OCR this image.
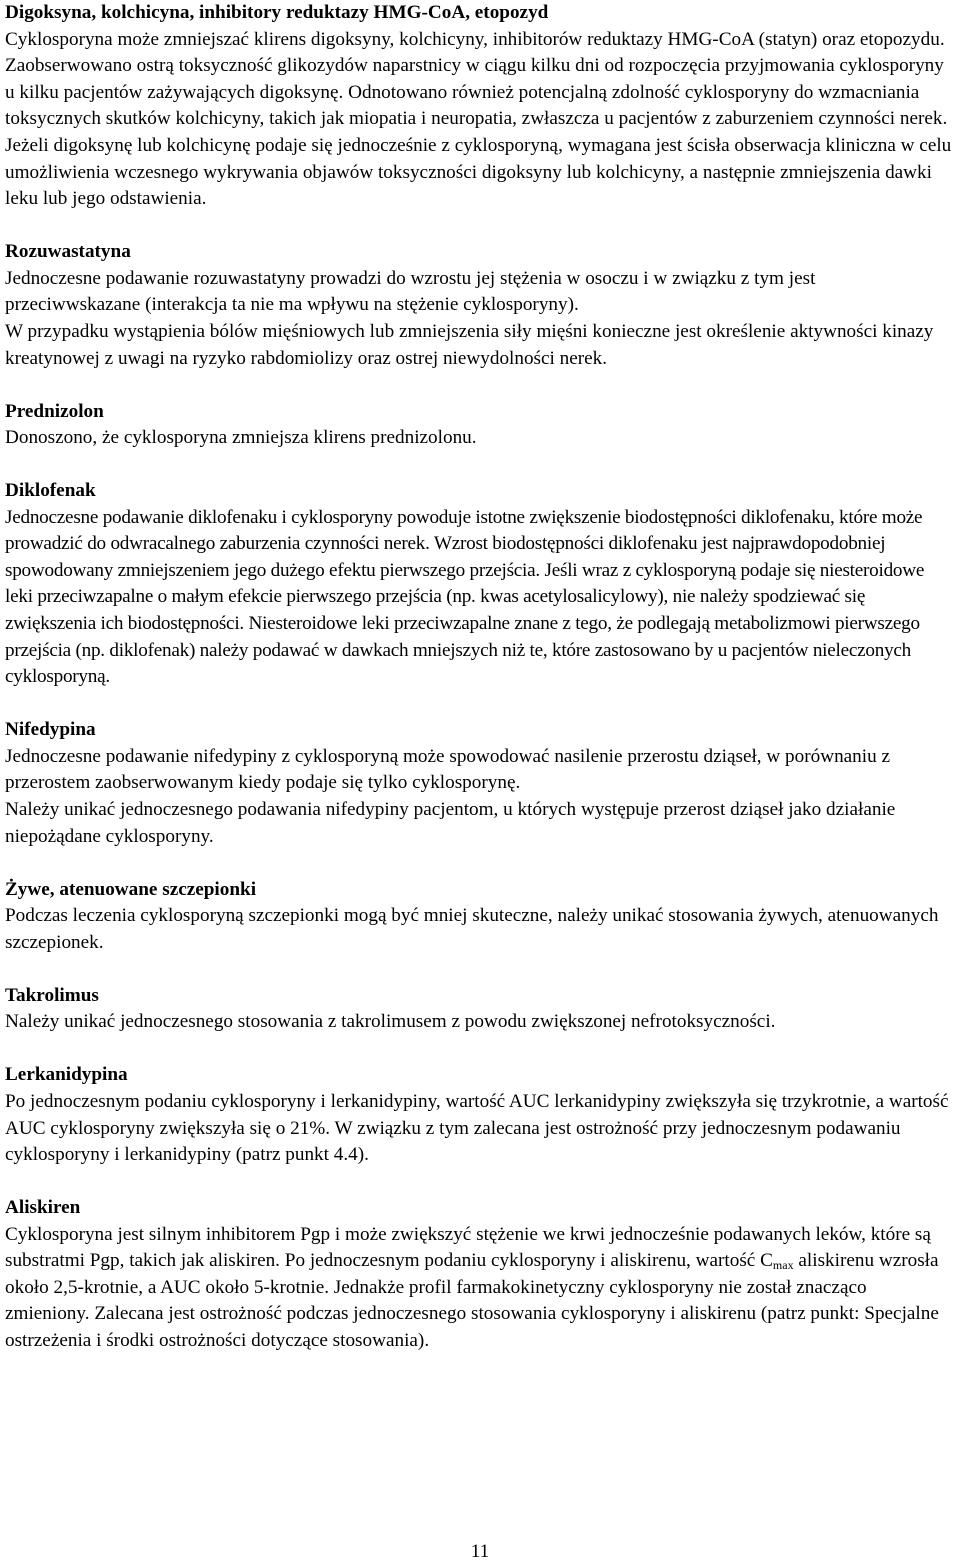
Digoksyna, kolchicyna, inhibitory reduktazy HMG-CoA, etopozyd
Cyklosporyna może zmniejszać klirens digoksyny, kolchicyny, inhibitorów reduktazy HMG-CoA (statyn) oraz etopozydu.
Zaobserwowano ostrą toksyczność glikozydów naparstnicy w ciągu kilku dni od rozpoczęcia przyjmowania cyklosporyny u kilku pacjentów zażywających digoksynę. Odnotowano również potencjalną zdolność cyklosporyny do wzmacniania toksycznych skutków kolchicyny, takich jak miopatia i neuropatia, zwłaszcza u pacjentów z zaburzeniem czynności nerek. Jeżeli digoksynę lub kolchicynę podaje się jednocześnie z cyklosporyną, wymagana jest ścisła obserwacja kliniczna w celu umożliwienia wczesnego wykrywania objawów toksyczności digoksyny lub kolchicyny, a następnie zmniejszenia dawki leku lub jego odstawienia.
Rozuwastatyna
Jednoczesne podawanie rozuwastatyny prowadzi do wzrostu jej stężenia w osoczu i w związku z tym jest przeciwwskazane (interakcja ta nie ma wpływu na stężenie cyklosporyny).
W przypadku wystąpienia bólów mięśniowych lub zmniejszenia siły mięśni konieczne jest określenie aktywności kinazy kreatynowej z uwagi na ryzyko rabdomiolizy oraz ostrej niewydolności nerek.
Prednizolon
Donoszono, że cyklosporyna zmniejsza klirens prednizolonu.
Diklofenak
Jednoczesne podawanie diklofenaku i cyklosporyny powoduje istotne zwiększenie biodostępności diklofenaku, które może prowadzić do odwracalnego zaburzenia czynności nerek. Wzrost biodostępności diklofenaku jest najprawdopodobniej spowodowany zmniejszeniem jego dużego efektu pierwszego przejścia. Jeśli wraz z cyklosporyną podaje się niesteroidowe leki przeciwzapalne o małym efekcie pierwszego przejścia (np. kwas acetylosalicylowy), nie należy spodziewać się zwiększenia ich biodostępności. Niesteroidowe leki przeciwzapalne znane z tego, że podlegają metabolizmowi pierwszego przejścia (np. diklofenak) należy podawać w dawkach mniejszych niż te, które zastosowano by u pacjentów nieleczonych cyklosporyną.
Nifedypina
Jednoczesne podawanie nifedypiny z cyklosporyną może spowodować nasilenie przerostu dziąseł, w porównaniu z przerostem zaobserwowanym kiedy podaje się tylko cyklosporynę.
Należy unikać jednoczesnego podawania nifedypiny pacjentom, u których występuje przerost dziąseł jako działanie niepożądane cyklosporyny.
Żywe, atenuowane szczepionki
Podczas leczenia cyklosporyną szczepionki mogą być mniej skuteczne, należy unikać stosowania żywych, atenuowanych szczepionek.
Takrolimus
Należy unikać jednoczesnego stosowania z takrolimusem z powodu zwiększonej nefrotoksyczności.
Lerkanidypina
Po jednoczesnym podaniu cyklosporyny i lerkanidypiny, wartość AUC lerkanidypiny zwiększyła się trzykrotnie, a wartość AUC cyklosporyny zwiększyła się o 21%. W związku z tym zalecana jest ostrożność przy jednoczesnym podawaniu cyklosporyny i lerkanidypiny (patrz punkt 4.4).
Aliskiren
Cyklosporyna jest silnym inhibitorem Pgp i może zwiększyć stężenie we krwi jednocześnie podawanych leków, które są substratmi Pgp, takich jak aliskiren. Po jednoczesnym podaniu cyklosporyny i aliskirenu, wartość $C_{max}$ aliskirenu wzrosła około 2,5-krotnie, a AUC około 5-krotnie. Jednakże profil farmakokinetyczny cyklosporyny nie został znacząco zmieniony. Zalecana jest ostrożność podczas jednoczesnego stosowania cyklosporyny i aliskirenu (patrz punkt: Specjalne ostrzeżenia i środki ostrożności dotyczące stosowania).
11
